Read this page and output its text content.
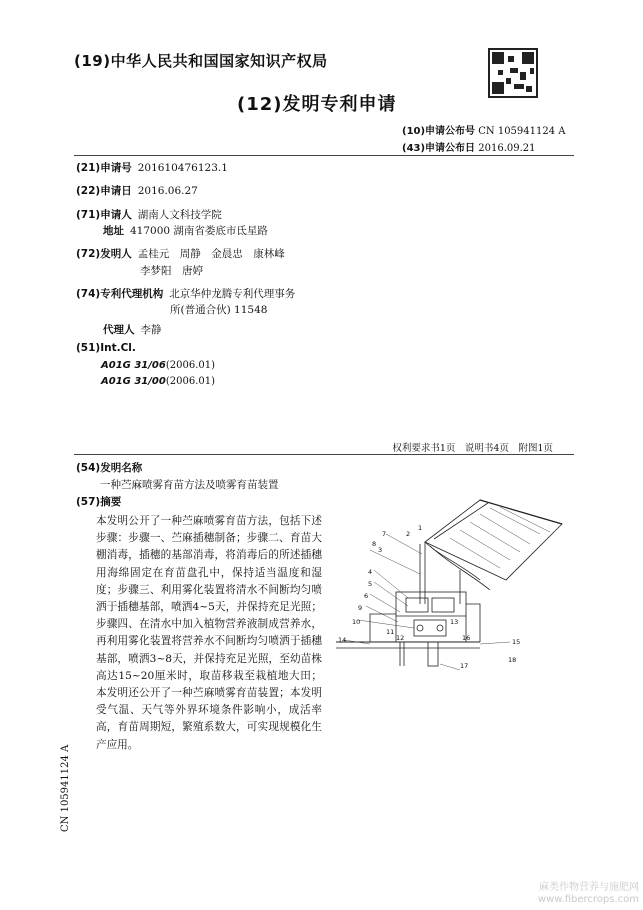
(19)中华人民共和国国家知识产权局
(12)发明专利申请
(10)申请公布号 CN 105941124 A
(43)申请公布日 2016.09.21
(21)申请号 201610476123.1
(22)申请日 2016.06.27
(71)申请人 湖南人文科技学院
地址 417000 湖南省娄底市氐星路
(72)发明人 孟桂元　周静　金晨忠　康林峰
李梦阳　唐婷
(74)专利代理机构 北京华仲龙腾专利代理事务
所(普通合伙) 11548
代理人 李静
(51)Int.Cl.
A01G 31/06(2006.01)
A01G 31/00(2006.01)
权利要求书1页　说明书4页　附图1页
(54)发明名称
一种苎麻喷雾育苗方法及喷雾育苗装置
(57)摘要
本发明公开了一种苎麻喷雾育苗方法，包括下述步骤：步骤一、苎麻插穗制备；步骤二、育苗大棚消毒，插穗的基部消毒，将消毒后的所述插穗用海绵固定在育苗盘孔中，保持适当温度和湿度；步骤三、利用雾化装置将清水不间断均匀喷洒于插穗基部，喷洒4~5天，并保持充足光照；步骤四、在清水中加入植物营养液制成营养水，再利用雾化装置将营养水不间断均匀喷洒于插穗基部，喷洒3~8天，并保持充足光照，至幼苗株高达15~20厘米时，取苗移栽至栽植地大田；本发明还公开了一种苎麻喷雾育苗装置；本发明受气温、天气等外界环境条件影响小，成活率高，育苗周期短，繁殖系数大，可实现规模化生产应用。
CN 105941124 A
1
2
3
4
5
6
7
8
9
10
11
12
13
14	15
16
17
18
麻类作物营养与施肥网
www.fibercrops.com
